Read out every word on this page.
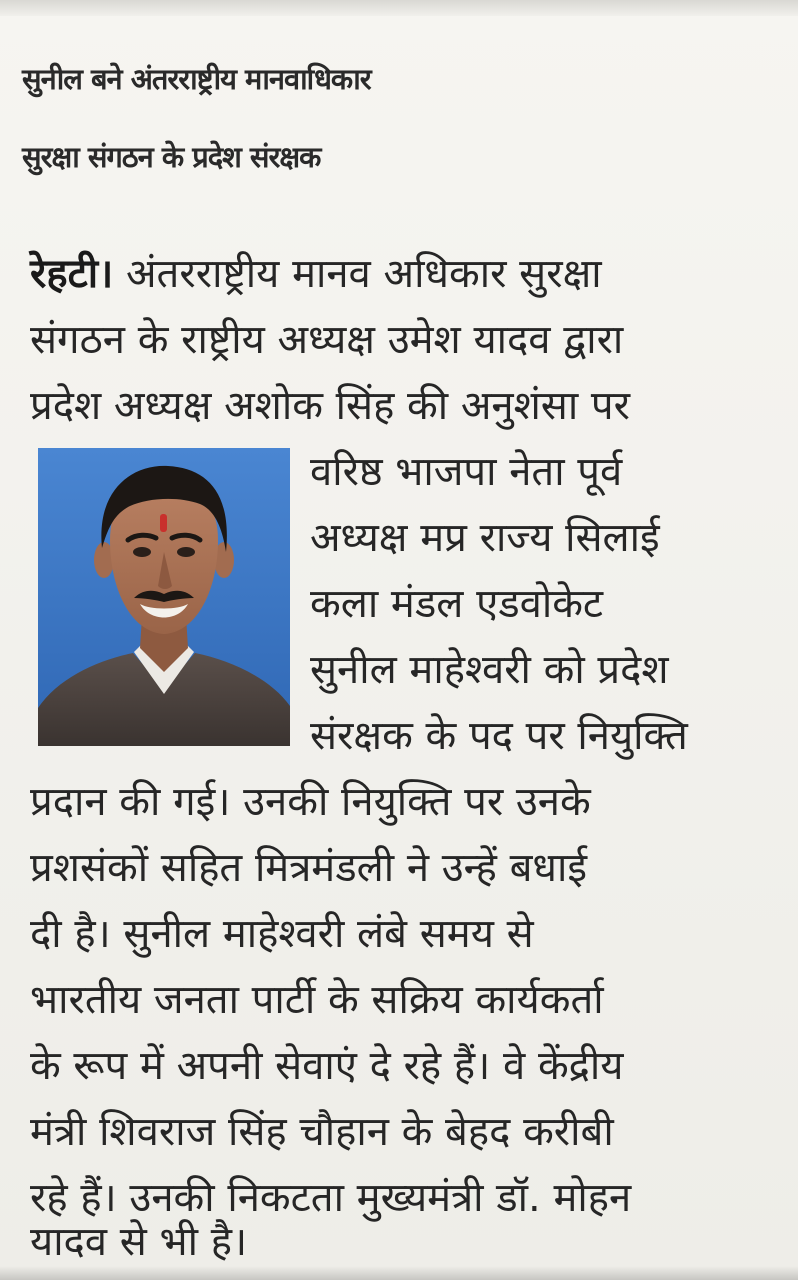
सुनील बने अंतरराष्ट्रीय मानवाधिकार
सुरक्षा संगठन के प्रदेश संरक्षक
रेहटी। अंतरराष्ट्रीय मानव अधिकार सुरक्षा
संगठन के राष्ट्रीय अध्यक्ष उमेश यादव द्वारा
प्रदेश अध्यक्ष अशोक सिंह की अनुशंसा पर
वरिष्ठ भाजपा नेता पूर्व
अध्यक्ष मप्र राज्य सिलाई
कला मंडल एडवोकेट
सुनील माहेश्वरी को प्रदेश
संरक्षक के पद पर नियुक्ति
प्रदान की गई। उनकी नियुक्ति पर उनके
प्रशसंकों सहित मित्रमंडली ने उन्हें बधाई
दी है। सुनील माहेश्वरी लंबे समय से
भारतीय जनता पार्टी के सक्रिय कार्यकर्ता
के रूप में अपनी सेवाएं दे रहे हैं। वे केंद्रीय
मंत्री शिवराज सिंह चौहान के बेहद करीबी
रहे हैं। उनकी निकटता मुख्यमंत्री डॉ. मोहन
यादव से भी है।
